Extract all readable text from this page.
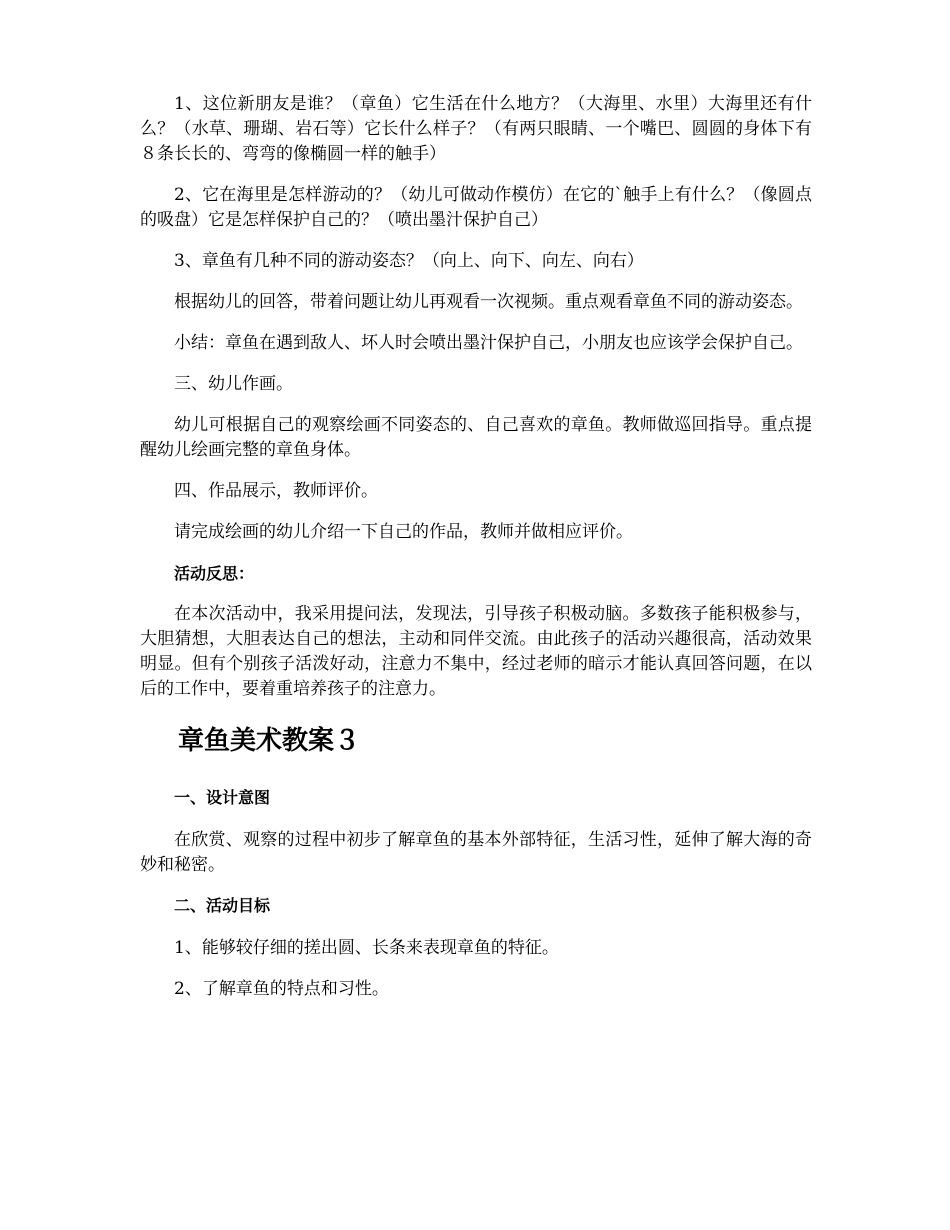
1、这位新朋友是谁？（章鱼）它生活在什么地方？（大海里、水里）大海里还有什么？（水草、珊瑚、岩石等）它长什么样子？（有两只眼睛、一个嘴巴、圆圆的身体下有８条长长的、弯弯的像椭圆一样的触手）

2、它在海里是怎样游动的？（幼儿可做动作模仿）在它的`触手上有什么？（像圆点的吸盘）它是怎样保护自己的？（喷出墨汁保护自己）

3、章鱼有几种不同的游动姿态？（向上、向下、向左、向右）

根据幼儿的回答，带着问题让幼儿再观看一次视频。重点观看章鱼不同的游动姿态。

小结：章鱼在遇到敌人、坏人时会喷出墨汁保护自己，小朋友也应该学会保护自己。

三、幼儿作画。

幼儿可根据自己的观察绘画不同姿态的、自己喜欢的章鱼。教师做巡回指导。重点提醒幼儿绘画完整的章鱼身体。

四、作品展示，教师评价。

请完成绘画的幼儿介绍一下自己的作品，教师并做相应评价。

活动反思：

在本次活动中，我采用提问法，发现法，引导孩子积极动脑。多数孩子能积极参与，大胆猜想，大胆表达自己的想法，主动和同伴交流。由此孩子的活动兴趣很高，活动效果明显。但有个别孩子活泼好动，注意力不集中，经过老师的暗示才能认真回答问题，在以后的工作中，要着重培养孩子的注意力。

章鱼美术教案３
一、设计意图

在欣赏、观察的过程中初步了解章鱼的基本外部特征，生活习性，延伸了解大海的奇妙和秘密。

二、活动目标

1、能够较仔细的搓出圆、长条来表现章鱼的特征。

2、了解章鱼的特点和习性。
